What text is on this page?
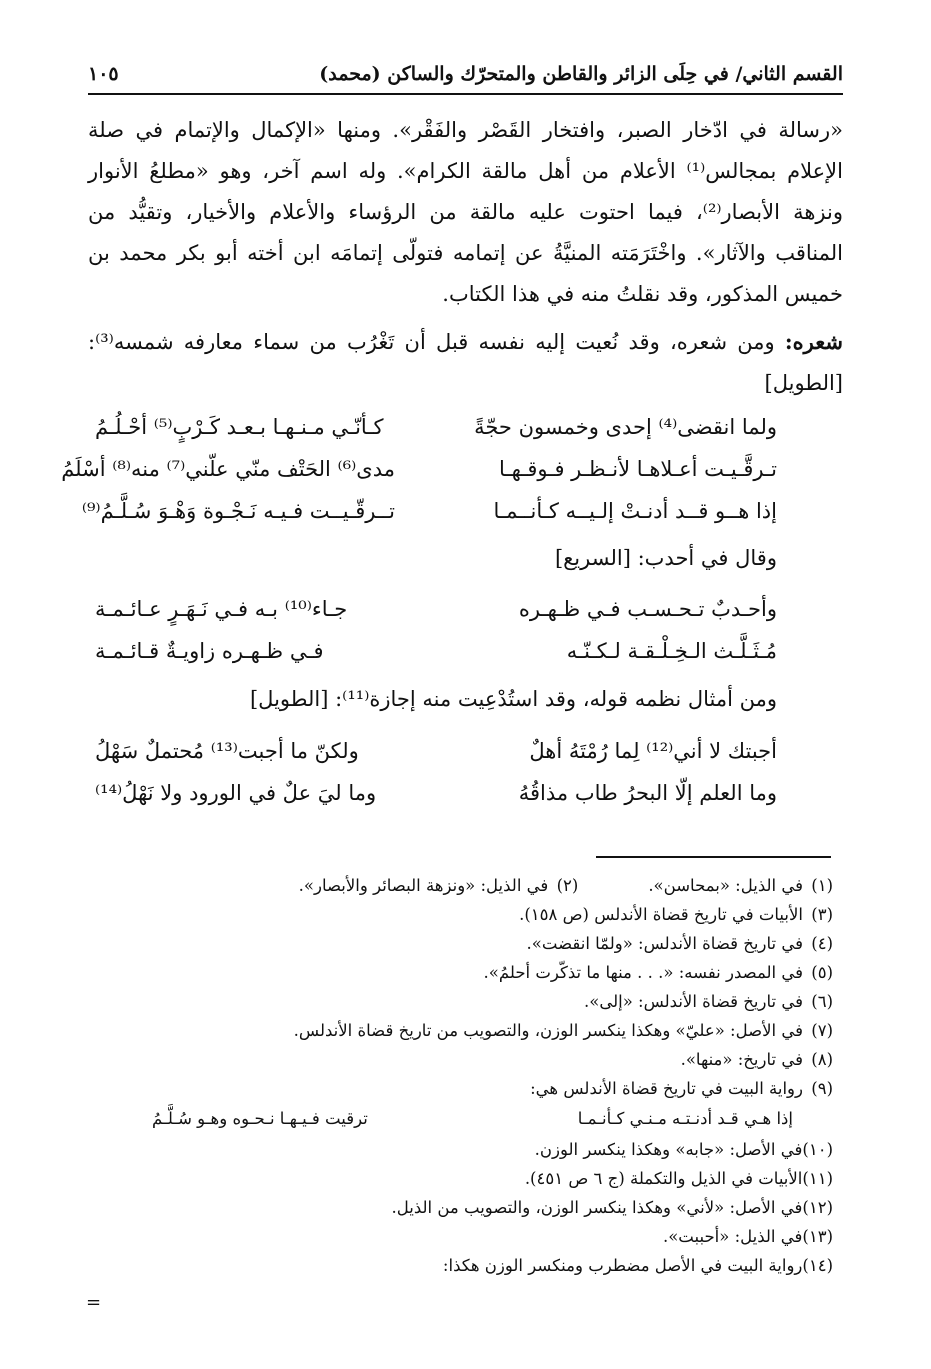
القسم الثاني/ في حِلَى الزائر والقاطن والمتحرّك والساكن (محمد)
١٠٥

«رسالة في ادّخار الصبر، وافتخار القَصْر والفَقْر». ومنها «الإكمال والإتمام في صلة الإعلام بمجالس⁽¹⁾ الأعلام من أهل مالقة الكرام». وله اسم آخر، وهو «مطلعُ الأنوار ونزهة الأبصار⁽²⁾، فيما احتوت عليه مالقة من الرؤساء والأعلام والأخيار، وتقيُّد من المناقب والآثار». واخْتَرَمَته المنيَّةُ عن إتمامه فتولّى إتمامَه ابن أخته أبو بكر محمد بن خميس المذكور، وقد نقلتُ منه في هذا الكتاب.

شعره: ومن شعره، وقد نُعيت إليه نفسه قبل أن تَغْرُب من سماء معارفه شمسه⁽³⁾: [الطويل]

ولما انقضى⁽⁴⁾ إحدى وخمسون حجّةً
كـأنّـي مـنـهـا بـعـد كَـرْبٍ⁽⁵⁾ أحْـلُـمُ
تـرقَّـيـت أعـلاهـا لأنـظـر فـوقـهـا
مدى⁽⁶⁾ الحَتْف منّي علّني⁽⁷⁾ منه⁽⁸⁾ أسْلَمُ
إذا هــو قــد أدنـتْ إلـيــه كـأنــمـا
تــرقّـيــت فـيـه نَـجْـوة وَهْـوَ سُـلَّـمُ⁽⁹⁾
وقال في أحدب: [السريع]
وأحـدبٌ تـحـسـب فـي ظـهـره
جـاء⁽¹⁰⁾ بـه فـي نَـهَـرٍ عـائـمـة
مُـثَـلَّـث الـخِـلْـقـة لـكـنّـه
فـي ظـهـره زاويـةٌ قـائـمـة
ومن أمثال نظمه قوله، وقد استُدْعِيت منه إجازة⁽¹¹⁾: [الطويل]
أجبتك لا أني⁽¹²⁾ لِما رُمْتَهُ أهلٌ
ولكنّ ما أجبت⁽¹³⁾ مُحتملٌ سَهْلُ
وما العلم إلّا البحرُ طاب مذاقُهُ
وما ليَ علٌ في الورود ولا نَهْلُ⁽¹⁴⁾
(١)
في الذيل: «بمحاسن».
(٢)
في الذيل: «ونزهة البصائر والأبصار».
(٣)
الأبيات في تاريخ قضاة الأندلس (ص ١٥٨).
(٤)
في تاريخ قضاة الأندلس: «ولمّا انقضت».
(٥)
في المصدر نفسه: «. . . منها ما تذكّرت أحلمُ».
(٦)
في تاريخ قضاة الأندلس: «إلى».
(٧)
في الأصل: «عليّ» وهكذا ينكسر الوزن، والتصويب من تاريخ قضاة الأندلس.
(٨)
في تاريخ: «منها».
(٩)
رواية البيت في تاريخ قضاة الأندلس هي:
إذا هـي قـد أدنـتـه مـنـي كـأنـمـا
ترقيت فـيـهـا نـحـوه وهـو سُـلَّـمُ
(١٠)
في الأصل: «جابه» وهكذا ينكسر الوزن.
(١١)
الأبيات في الذيل والتكملة (ج ٦ ص ٤٥١).
(١٢)
في الأصل: «لأني» وهكذا ينكسر الوزن، والتصويب من الذيل.
(١٣)
في الذيل: «أحببت».
(١٤)
رواية البيت في الأصل مضطرب ومنكسر الوزن هكذا:
=
